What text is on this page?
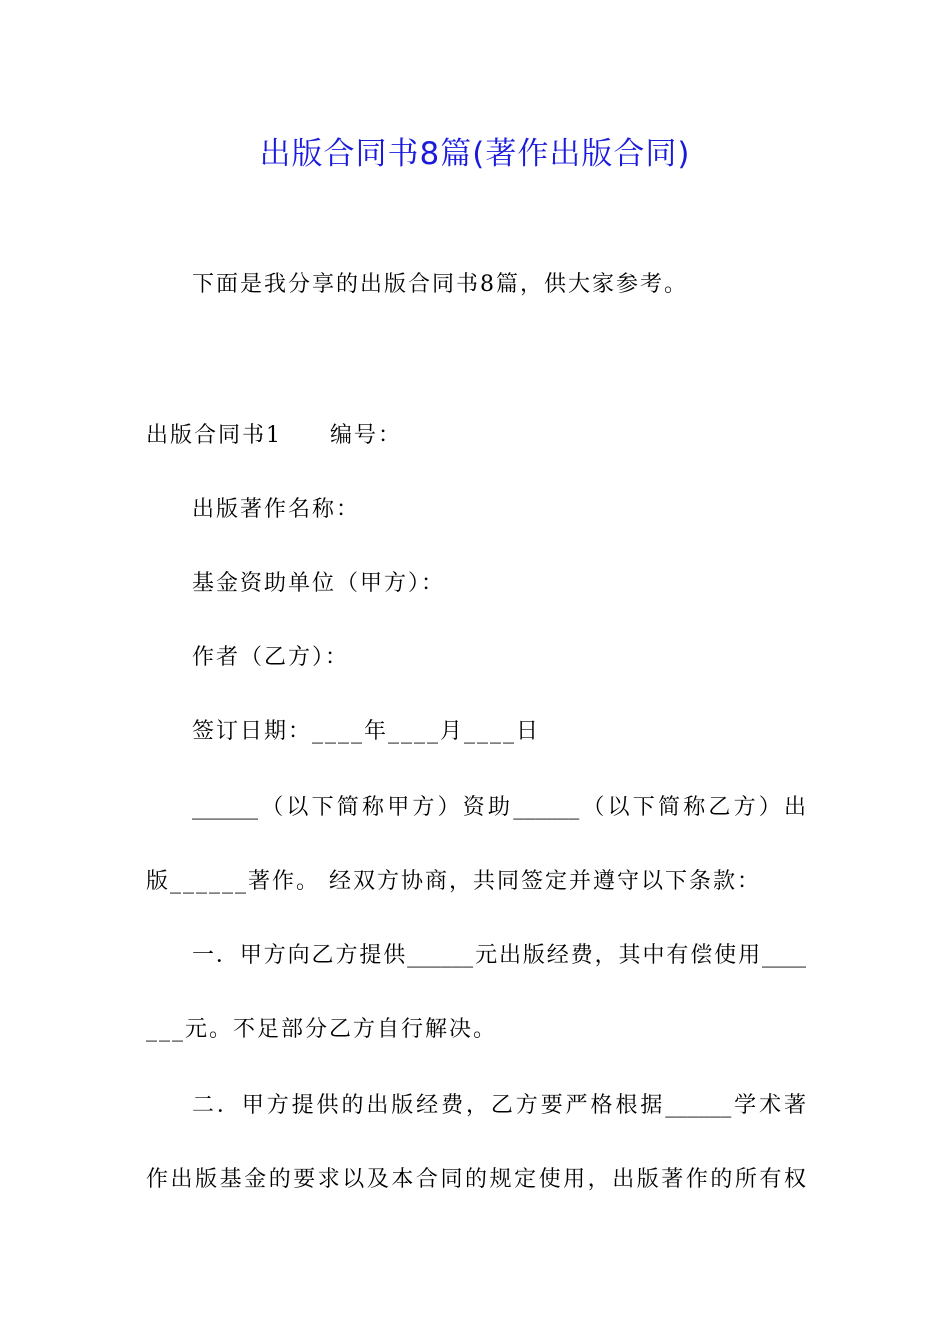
出版合同书8篇(著作出版合同)
下面是我分享的出版合同书8篇，供大家参考。
出版合同书1　　编号：
出版著作名称：
基金资助单位（甲方）：
作者（乙方）：
签订日期：____年____月____日
______（以下简称甲方）资助______（以下简称乙方）出
版______著作。 经双方协商，共同签定并遵守以下条款：
一．甲方向乙方提供______元出版经费，其中有偿使用____
___元。不足部分乙方自行解决。
二．甲方提供的出版经费，乙方要严格根据______学术著
作出版基金的要求以及本合同的规定使用，出版著作的所有权
